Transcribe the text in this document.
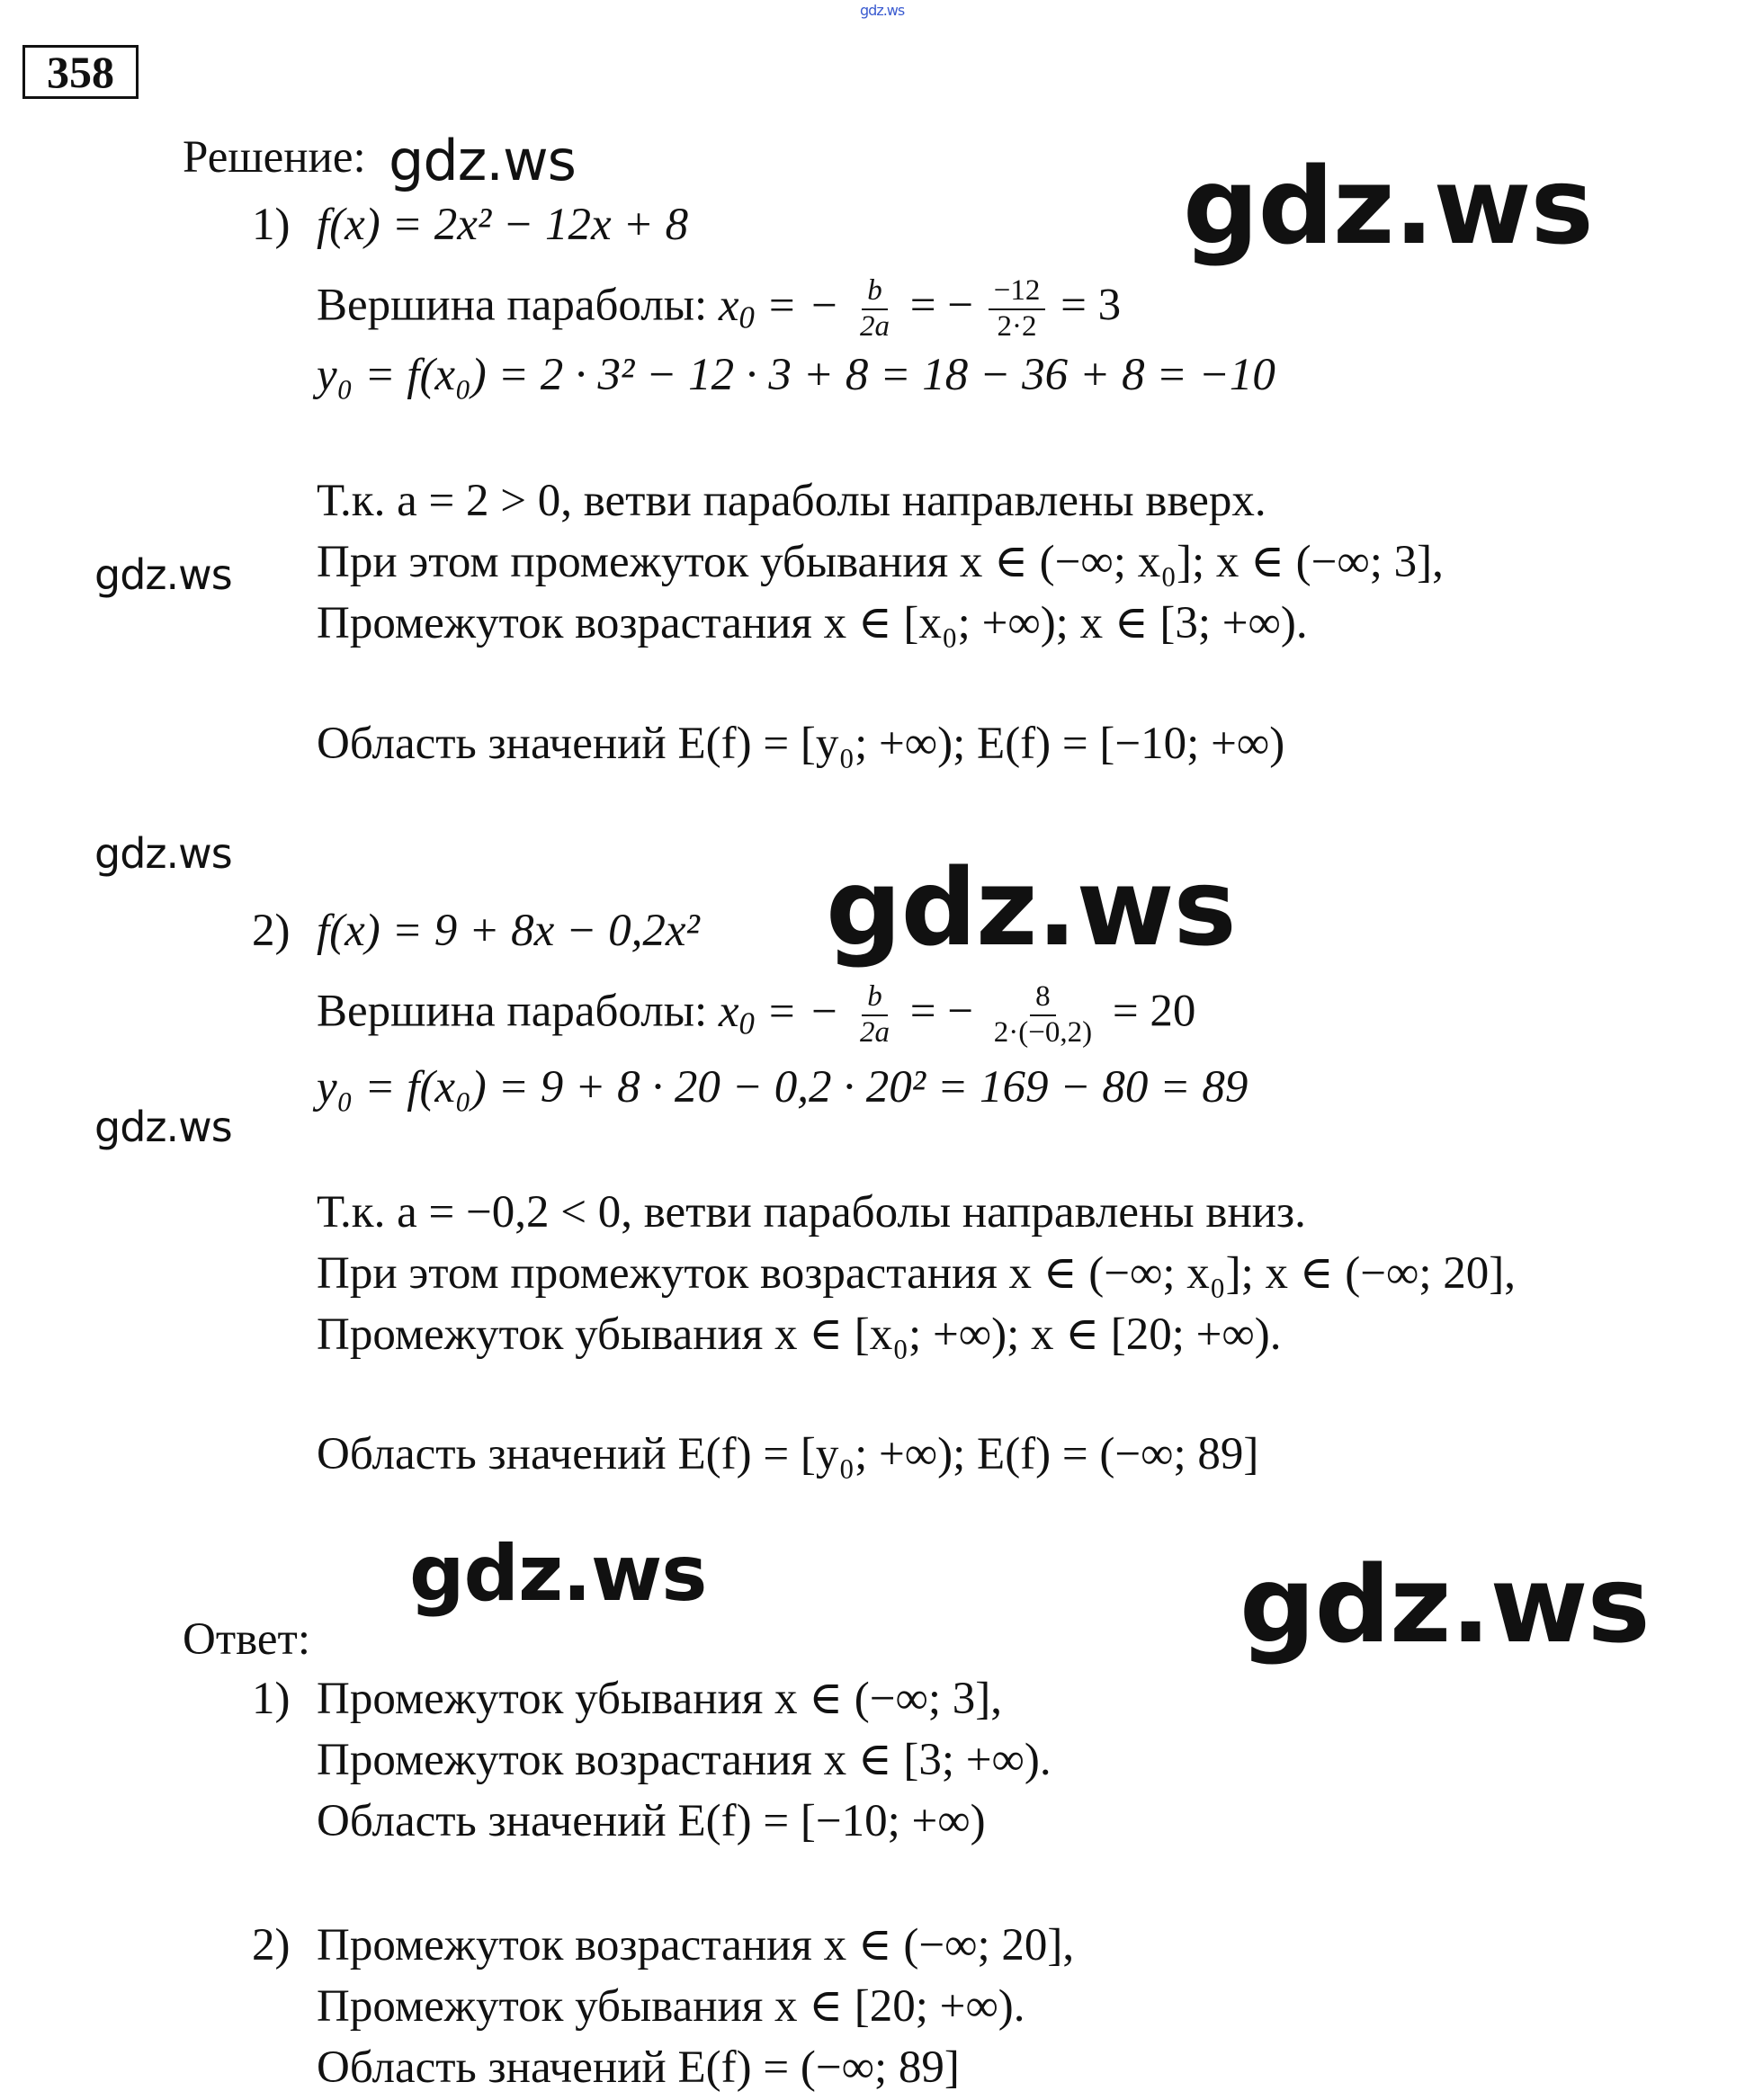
gdz.ws
358
Решение: gdz.ws	gdz.ws
gdz.ws
gdz.ws	gdz.ws
gdz.ws
gdz.ws	gdz.ws
1) f(x) = 2x² − 12x + 8
Вершина параболы: $x_0$ = − $\frac{b}{2a}$ = − $\frac{-12}{2\cdot 2} = 3$
y₀ = f(x₀) = 2 · 3² − 12 · 3 + 8 = 18 − 36 + 8 = −10
Т.к. a = 2 > 0, ветви параболы направлены вверх.
При этом промежуток убывания x ∈ (−∞; x₀]; x ∈ (−∞; 3],
Промежуток возрастания x ∈ [x₀; +∞); x ∈ [3; +∞).
Область значений E(f) = [y₀; +∞); E(f) = [−10; +∞)
2) f(x) = 9 + 8x − 0,2x²
Вершина параболы: $x_0$ = − $\frac{b}{2a}$ = − $\frac{8}{2\cdot(-0,2)} = 20$
y₀ = f(x₀) = 9 + 8 · 20 − 0,2 · 20² = 169 − 80 = 89
Т.к. a = −0,2 < 0, ветви параболы направлены вниз.
При этом промежуток возрастания x ∈ (−∞; x₀]; x ∈ (−∞; 20],
Промежуток убывания x ∈ [x₀; +∞); x ∈ [20; +∞).
Область значений E(f) = [y₀; +∞); E(f) = (−∞; 89]
Ответ:
1) Промежуток убывания x ∈ (−∞; 3],
Промежуток возрастания x ∈ [3; +∞).
Область значений E(f) = [−10; +∞)
2) Промежуток возрастания x ∈ (−∞; 20],
Промежуток убывания x ∈ [20; +∞).
Область значений E(f) = (−∞; 89]
